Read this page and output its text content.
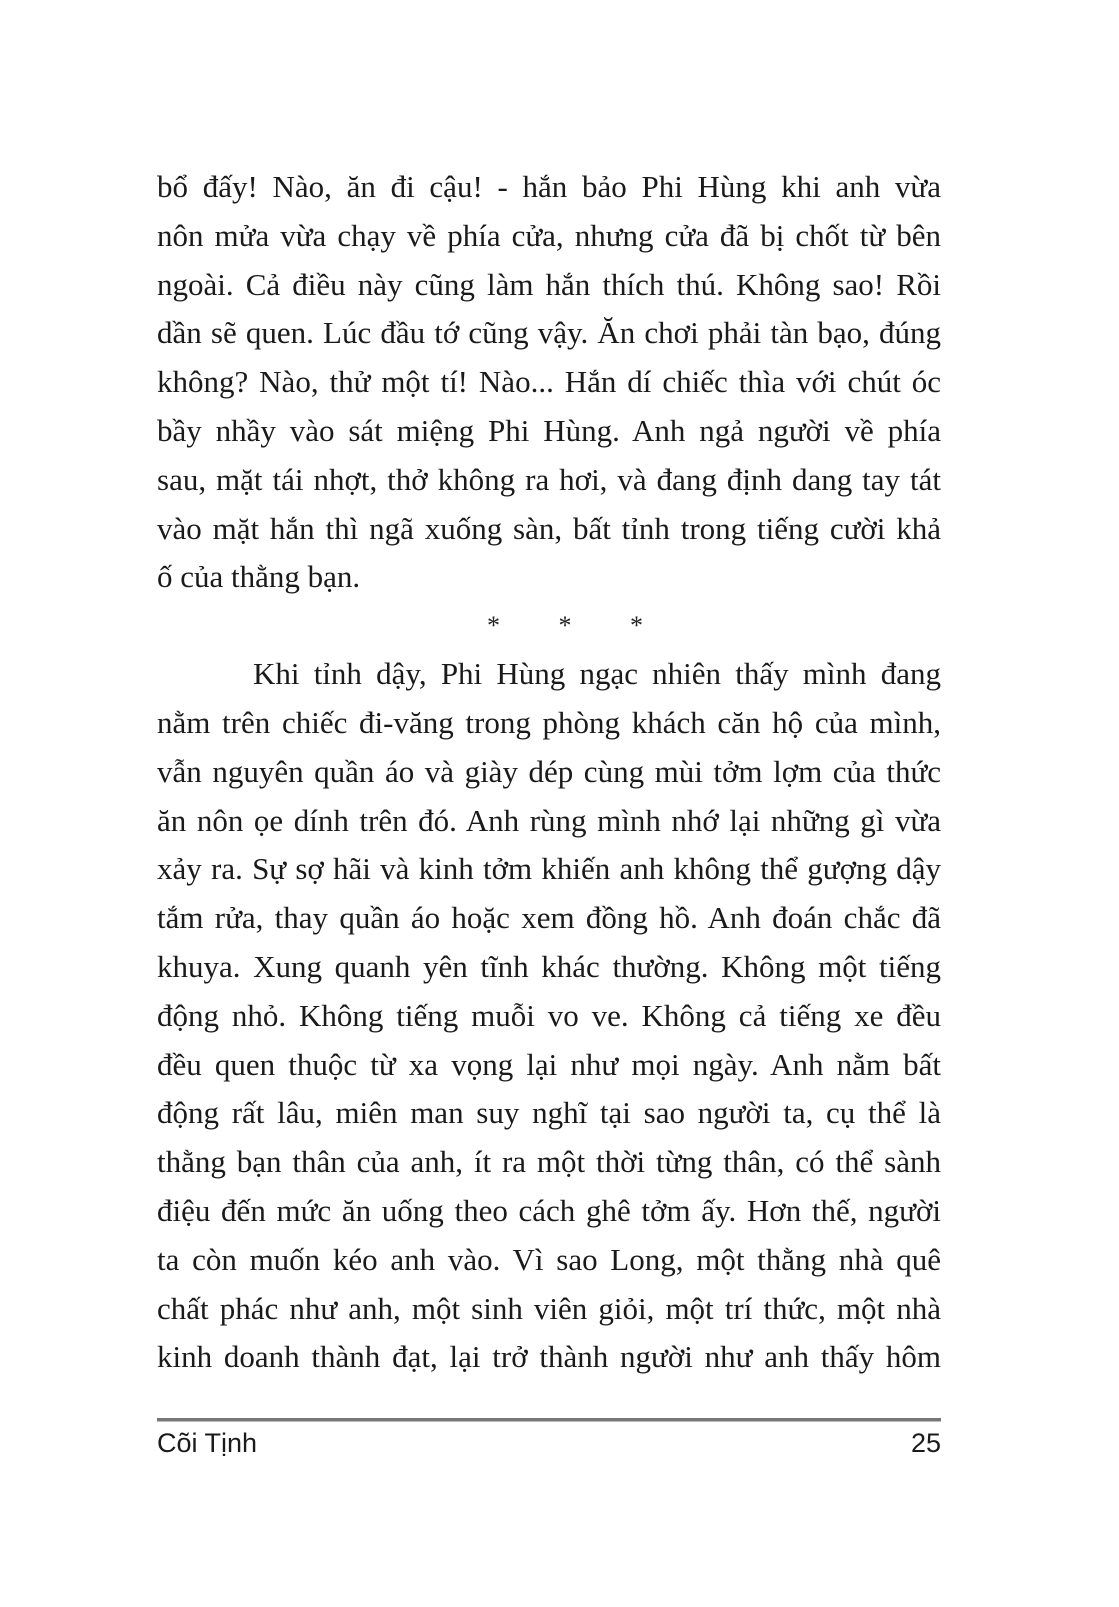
bổ đấy! Nào, ăn đi cậu! - hắn bảo Phi Hùng khi anh vừa
nôn mửa vừa chạy về phía cửa, nhưng cửa đã bị chốt từ bên
ngoài. Cả điều này cũng làm hắn thích thú. Không sao! Rồi
dần sẽ quen. Lúc đầu tớ cũng vậy. Ăn chơi phải tàn bạo, đúng
không? Nào, thử một tí! Nào... Hắn dí chiếc thìa với chút óc
bầy nhầy vào sát miệng Phi Hùng. Anh ngả người về phía
sau, mặt tái nhợt, thở không ra hơi, và đang định dang tay tát
vào mặt hắn thì ngã xuống sàn, bất tỉnh trong tiếng cười khả
ố của thằng bạn.
* * *
Khi tỉnh dậy, Phi Hùng ngạc nhiên thấy mình đang
nằm trên chiếc đi-văng trong phòng khách căn hộ của mình,
vẫn nguyên quần áo và giày dép cùng mùi tởm lợm của thức
ăn nôn ọe dính trên đó. Anh rùng mình nhớ lại những gì vừa
xảy ra. Sự sợ hãi và kinh tởm khiến anh không thể gượng dậy
tắm rửa, thay quần áo hoặc xem đồng hồ. Anh đoán chắc đã
khuya. Xung quanh yên tĩnh khác thường. Không một tiếng
động nhỏ. Không tiếng muỗi vo ve. Không cả tiếng xe đều
đều quen thuộc từ xa vọng lại như mọi ngày. Anh nằm bất
động rất lâu, miên man suy nghĩ tại sao người ta, cụ thể là
thằng bạn thân của anh, ít ra một thời từng thân, có thể sành
điệu đến mức ăn uống theo cách ghê tởm ấy. Hơn thế, người
ta còn muốn kéo anh vào. Vì sao Long, một thằng nhà quê
chất phác như anh, một sinh viên giỏi, một trí thức, một nhà
kinh doanh thành đạt, lại trở thành người như anh thấy hôm
Cõi Tịnh	25
